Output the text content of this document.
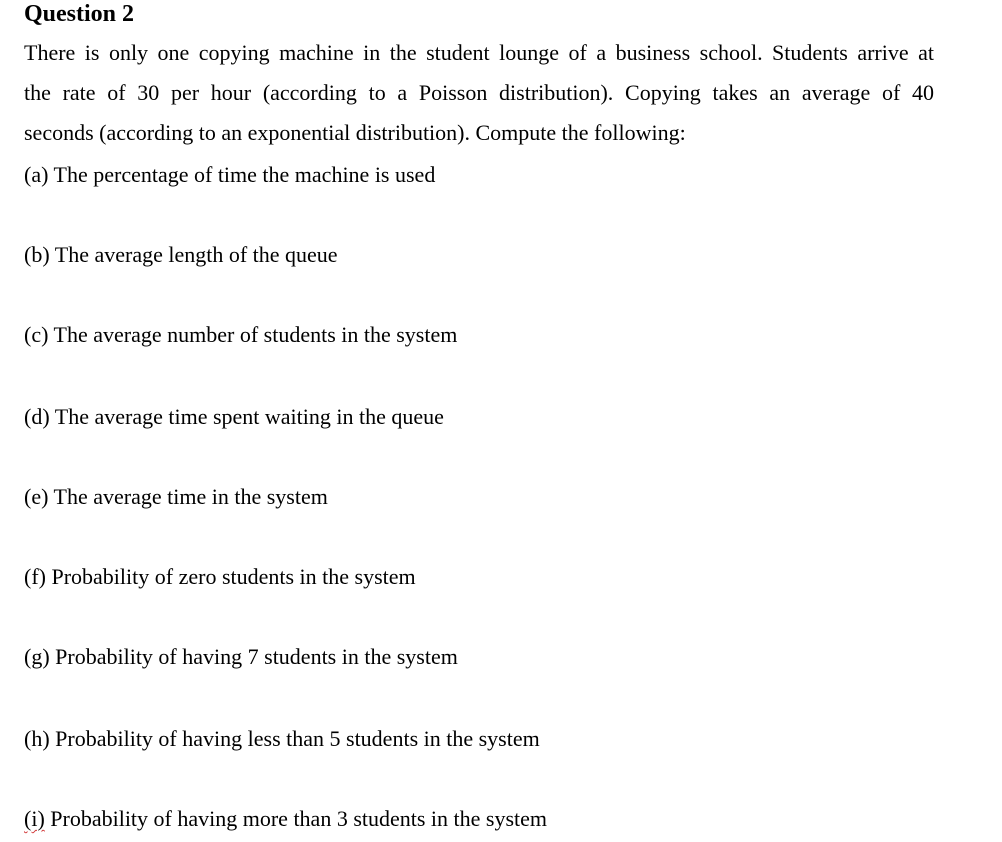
Question 2

There is only one copying machine in the student lounge of a business school. Students arrive at

the rate of 30 per hour (according to a Poisson distribution). Copying takes an average of 40

seconds (according to an exponential distribution). Compute the following:

(a) The percentage of time the machine is used

(b) The average length of the queue

(c) The average number of students in the system

(d) The average time spent waiting in the queue

(e) The average time in the system

(f) Probability of zero students in the system

(g) Probability of having 7 students in the system

(h) Probability of having less than 5 students in the system

(i) Probability of having more than 3 students in the system
